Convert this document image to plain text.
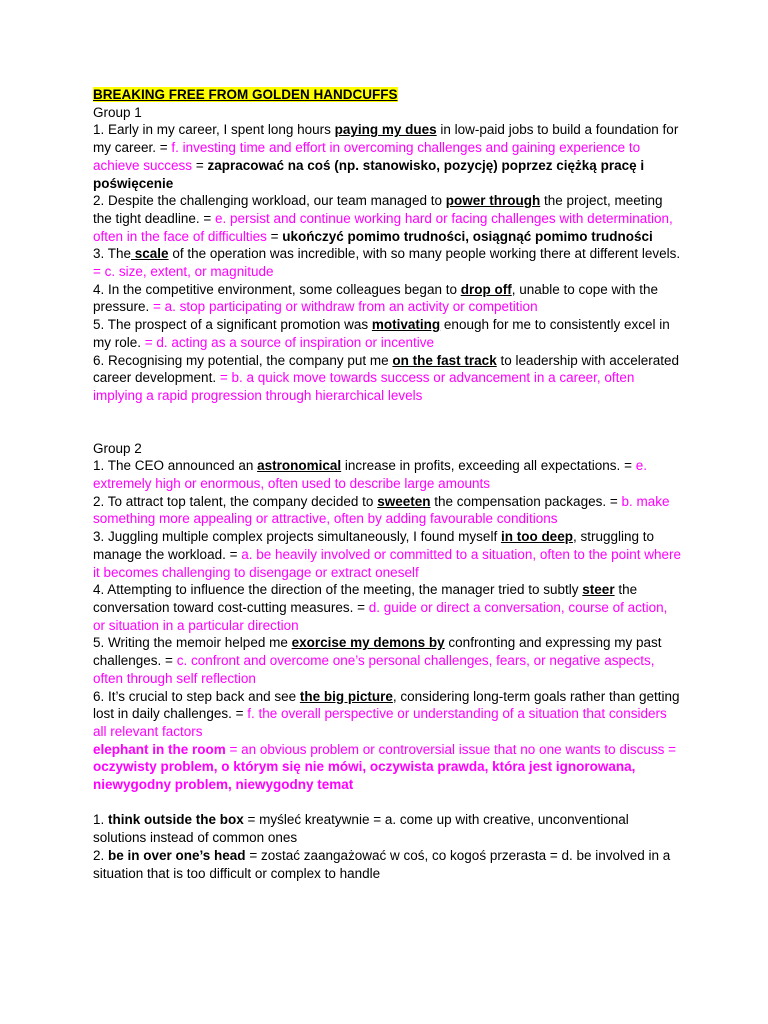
BREAKING FREE FROM GOLDEN HANDCUFFS

Group 1

1. Early in my career, I spent long hours paying my dues in low-paid jobs to build a foundation for my career. = f. investing time and effort in overcoming challenges and gaining experience to achieve success = zapracować na coś (np. stanowisko, pozycję) poprzez ciężką pracę i poświęcenie

2. Despite the challenging workload, our team managed to power through the project, meeting the tight deadline. = e. persist and continue working hard or facing challenges with determination, often in the face of difficulties = ukończyć pomimo trudności, osiągnąć pomimo trudności

3. The scale of the operation was incredible, with so many people working there at different levels. = c. size, extent, or magnitude

4. In the competitive environment, some colleagues began to drop off, unable to cope with the pressure. = a. stop participating or withdraw from an activity or competition

5. The prospect of a significant promotion was motivating enough for me to consistently excel in my role. = d. acting as a source of inspiration or incentive

6. Recognising my potential, the company put me on the fast track to leadership with accelerated career development. = b. a quick move towards success or advancement in a career, often implying a rapid progression through hierarchical levels

Group 2

1. The CEO announced an astronomical increase in profits, exceeding all expectations. = e. extremely high or enormous, often used to describe large amounts

2. To attract top talent, the company decided to sweeten the compensation packages. = b. make something more appealing or attractive, often by adding favourable conditions

3. Juggling multiple complex projects simultaneously, I found myself in too deep, struggling to manage the workload. = a. be heavily involved or committed to a situation, often to the point where it becomes challenging to disengage or extract oneself

4. Attempting to influence the direction of the meeting, the manager tried to subtly steer the conversation toward cost-cutting measures. = d. guide or direct a conversation, course of action, or situation in a particular direction

5. Writing the memoir helped me exorcise my demons by confronting and expressing my past challenges. = c. confront and overcome one’s personal challenges, fears, or negative aspects, often through self reflection

6. It’s crucial to step back and see the big picture, considering long-term goals rather than getting lost in daily challenges. = f. the overall perspective or understanding of a situation that considers all relevant factors

elephant in the room = an obvious problem or controversial issue that no one wants to discuss = oczywisty problem, o którym się nie mówi, oczywista prawda, która jest ignorowana, niewygodny problem, niewygodny temat

1. think outside the box = myśleć kreatywnie = a. come up with creative, unconventional solutions instead of common ones

2. be in over one’s head = zostać zaangażować w coś, co kogoś przerasta = d. be involved in a situation that is too difficult or complex to handle
